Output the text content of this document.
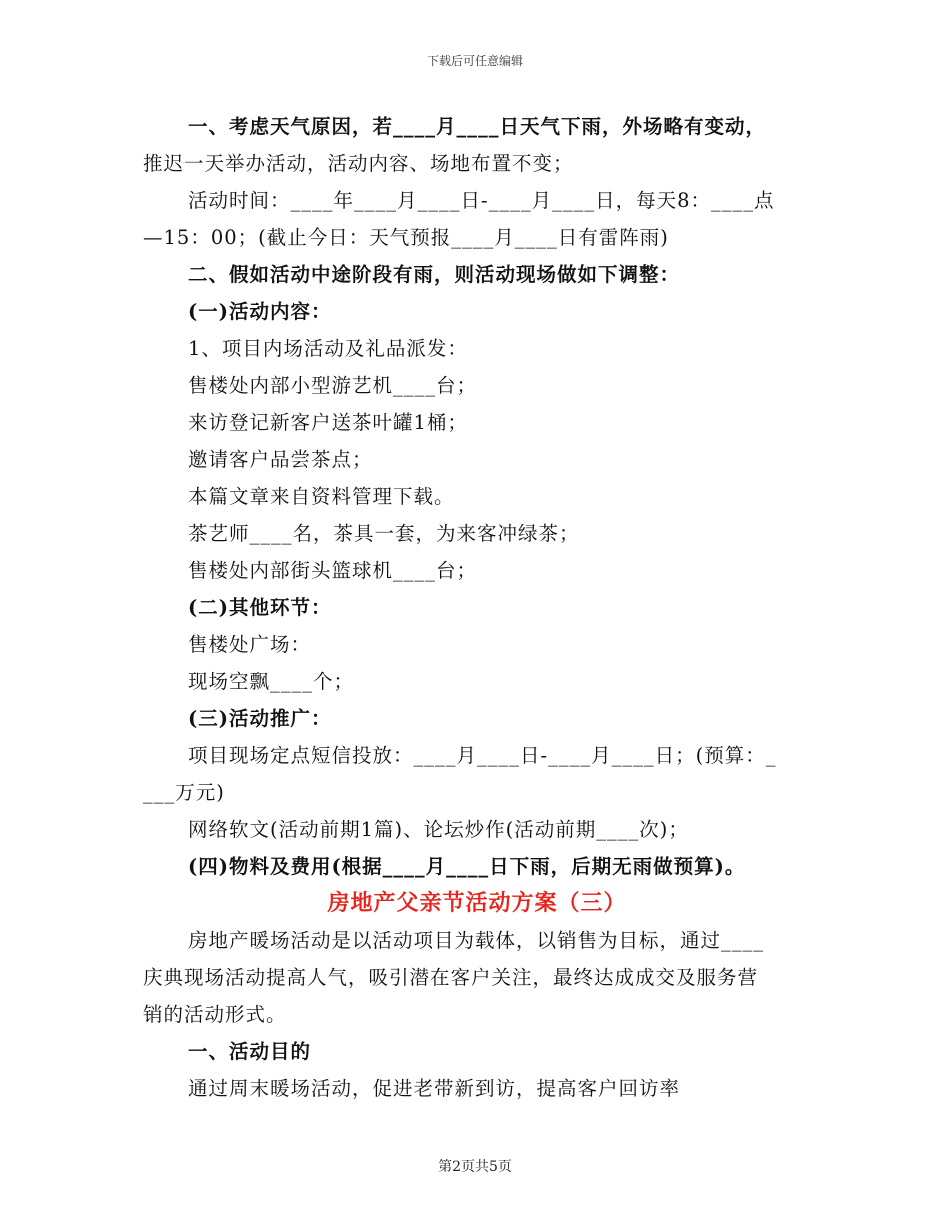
下载后可任意编辑
一、考虑天气原因，若____月____日天气下雨，外场略有变动，
推迟一天举办活动，活动内容、场地布置不变；
活动时间：____年____月____日-____月____日，每天8：____点
—15：00；(截止今日：天气预报____月____日有雷阵雨)
二、假如活动中途阶段有雨，则活动现场做如下调整：
(一)活动内容：
1、项目内场活动及礼品派发：
售楼处内部小型游艺机____台；
来访登记新客户送茶叶罐1桶；
邀请客户品尝茶点；
本篇文章来自资料管理下载。
茶艺师____名，茶具一套，为来客冲绿茶；
售楼处内部街头篮球机____台；
(二)其他环节：
售楼处广场：
现场空飘____个；
(三)活动推广：
项目现场定点短信投放：____月____日-____月____日；(预算：_
___万元)
网络软文(活动前期1篇)、论坛炒作(活动前期____次)；
(四)物料及费用(根据____月____日下雨，后期无雨做预算)。
房地产父亲节活动方案（三）
房地产暖场活动是以活动项目为载体，以销售为目标，通过____
庆典现场活动提高人气，吸引潜在客户关注，最终达成成交及服务营
销的活动形式。
一、活动目的
通过周末暖场活动，促进老带新到访，提高客户回访率
第2页共5页
